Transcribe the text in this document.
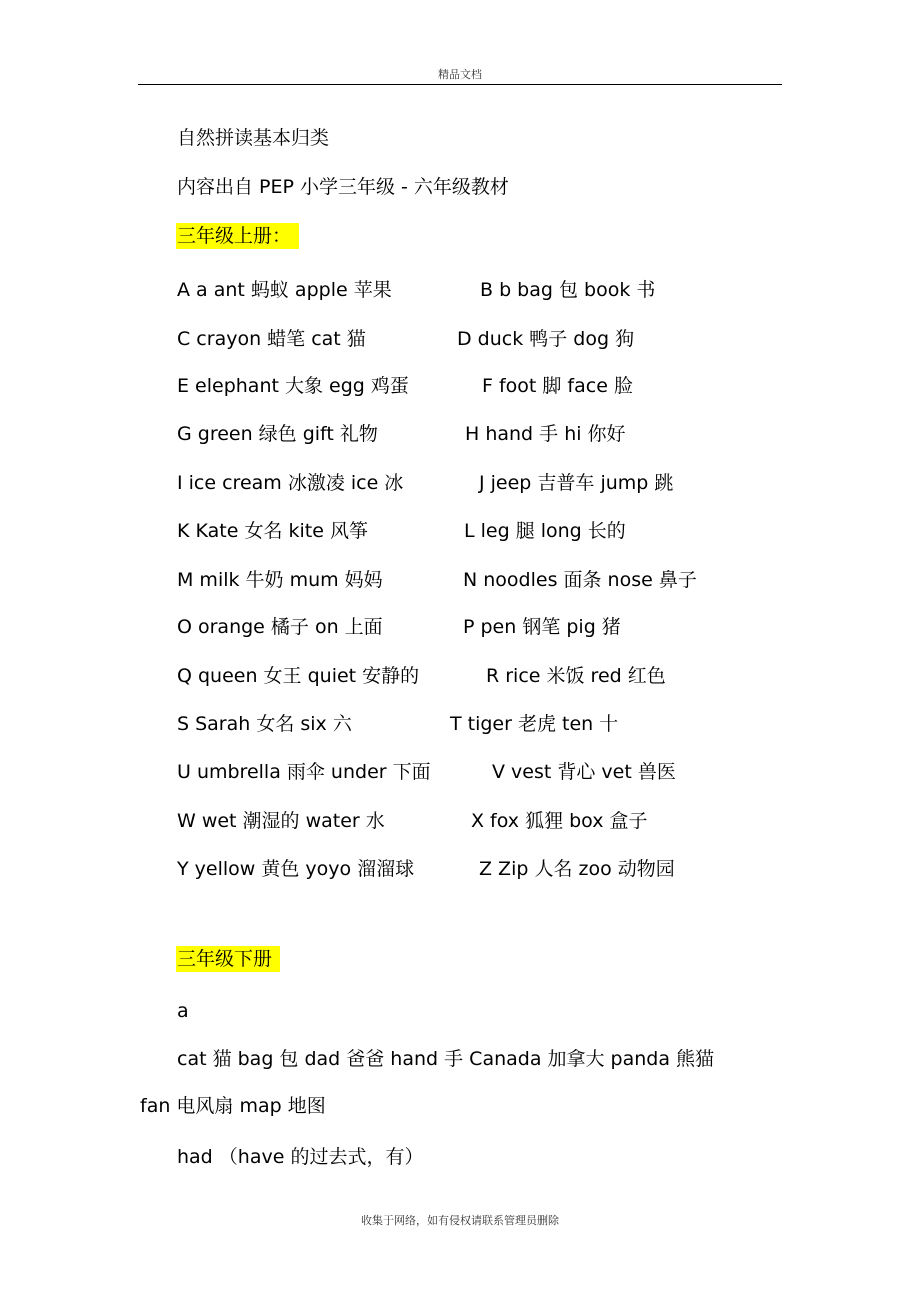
精品文档
自然拼读基本归类
内容出自 PEP 小学三年级 - 六年级教材
三年级上册：
A a ant 蚂蚁 apple 苹果	B b bag 包 book 书
C crayon 蜡笔 cat 猫	D duck 鸭子 dog 狗
E elephant 大象 egg 鸡蛋	F foot 脚 face 脸
G green 绿色 gift 礼物	H hand 手 hi 你好
I ice cream 冰激凌 ice 冰	J jeep 吉普车 jump 跳
K Kate 女名 kite 风筝	L leg 腿 long 长的
M milk 牛奶 mum 妈妈	N noodles 面条 nose 鼻子
O orange 橘子 on 上面	P pen 钢笔 pig 猪
Q queen 女王 quiet 安静的	R rice 米饭 red 红色
S Sarah 女名 six 六	T tiger 老虎 ten 十
U umbrella 雨伞 under 下面	V vest 背心 vet 兽医
W wet 潮湿的 water 水	X fox 狐狸 box 盒子
Y yellow 黄色 yoyo 溜溜球	Z Zip 人名 zoo 动物园
三年级下册
a
cat 猫 bag 包 dad 爸爸 hand 手 Canada 加拿大 panda 熊猫 fan 电风扇 map 地图
had （have 的过去式，有）
收集于网络，如有侵权请联系管理员删除
